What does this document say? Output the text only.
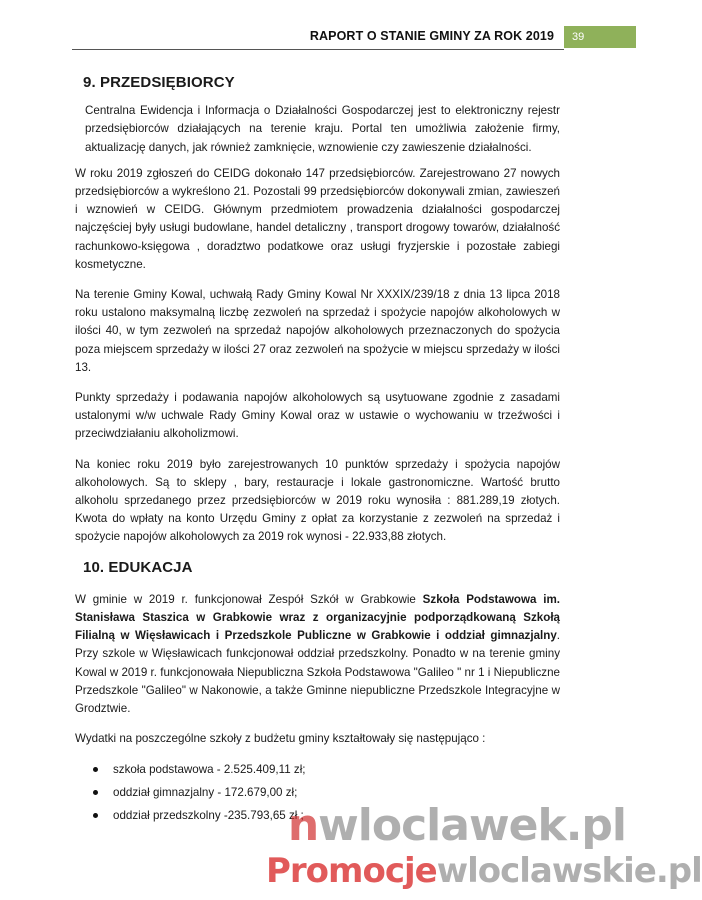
RAPORT O STANIE GMINY ZA ROK 2019	39
9. PRZEDSIĘBIORCY

Centralna Ewidencja i Informacja o Działalności Gospodarczej jest to elektroniczny rejestr przedsiębiorców działających na terenie kraju. Portal ten umożliwia założenie firmy, aktualizację danych, jak również zamknięcie, wznowienie czy zawieszenie działalności.

W roku 2019 zgłoszeń do CEIDG dokonało 147 przedsiębiorców. Zarejestrowano 27 nowych przedsiębiorców a wykreślono 21. Pozostali 99 przedsiębiorców dokonywali zmian, zawieszeń i wznowień w CEIDG. Głównym przedmiotem prowadzenia działalności gospodarczej najczęściej były usługi budowlane, handel detaliczny , transport drogowy towarów, działalność rachunkowo-księgowa , doradztwo podatkowe oraz usługi fryzjerskie i pozostałe zabiegi kosmetyczne.

Na terenie Gminy Kowal, uchwałą Rady Gminy Kowal Nr XXXIX/239/18 z dnia 13 lipca 2018 roku ustalono maksymalną liczbę zezwoleń na sprzedaż i spożycie napojów alkoholowych w ilości 40, w tym zezwoleń na sprzedaż napojów alkoholowych przeznaczonych do spożycia poza miejscem sprzedaży w ilości 27 oraz zezwoleń na spożycie w miejscu sprzedaży w ilości 13.

Punkty sprzedaży i podawania napojów alkoholowych są usytuowane zgodnie z zasadami ustalonymi w/w uchwale Rady Gminy Kowal oraz w ustawie o wychowaniu w trzeźwości i przeciwdziałaniu alkoholizmowi.

Na koniec roku 2019 było zarejestrowanych 10 punktów sprzedaży i spożycia napojów alkoholowych. Są to sklepy , bary, restauracje i lokale gastronomiczne. Wartość brutto alkoholu sprzedanego przez przedsiębiorców w 2019 roku wynosiła : 881.289,19 złotych. Kwota do wpłaty na konto Urzędu Gminy z opłat za korzystanie z zezwoleń na sprzedaż i spożycie napojów alkoholowych za 2019 rok wynosi - 22.933,88 złotych.

10. EDUKACJA

W gminie w 2019 r. funkcjonował Zespół Szkół w Grabkowie Szkoła Podstawowa im. Stanisława Staszica w Grabkowie wraz z organizacyjnie podporządkowaną Szkołą Filialną w Więsławicach i Przedszkole Publiczne w Grabkowie i oddział gimnazjalny. Przy szkole w Więsławicach funkcjonował oddział przedszkolny. Ponadto w na terenie gminy Kowal w 2019 r. funkcjonowała Niepubliczna Szkoła Podstawowa "Galileo " nr 1 i Niepubliczne Przedszkole "Galileo" w Nakonowie, a także Gminne niepubliczne Przedszkole Integracyjne w Grodztwie.

Wydatki na poszczególne szkoły z budżetu gminy kształtowały się następująco :

szkoła podstawowa - 2.525.409,11 zł;
oddział gimnazjalny - 172.679,00 zł;
oddział przedszkolny -235.793,65 zł ;
nwloclawek.pl
Promocjewloclawskie.pl
